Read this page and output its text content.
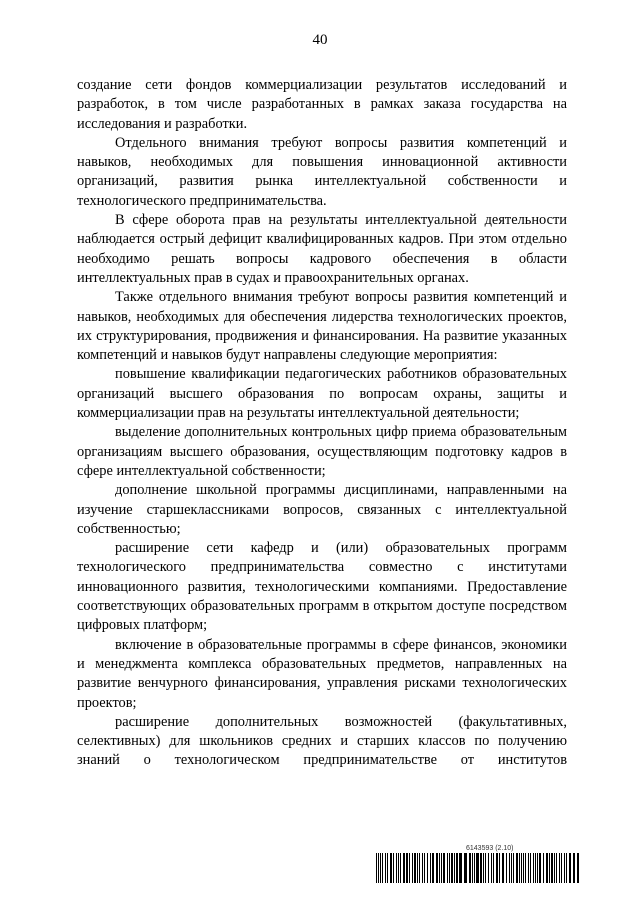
40

создание сети фондов коммерциализации результатов исследований и разработок, в том числе разработанных в рамках заказа государства на исследования и разработки.

Отдельного внимания требуют вопросы развития компетенций и навыков, необходимых для повышения инновационной активности организаций, развития рынка интеллектуальной собственности и технологического предпринимательства.

В сфере оборота прав на результаты интеллектуальной деятельности наблюдается острый дефицит квалифицированных кадров. При этом отдельно необходимо решать вопросы кадрового обеспечения в области интеллектуальных прав в судах и правоохранительных органах.

Также отдельного внимания требуют вопросы развития компетенций и навыков, необходимых для обеспечения лидерства технологических проектов, их структурирования, продвижения и финансирования. На развитие указанных компетенций и навыков будут направлены следующие мероприятия:

повышение квалификации педагогических работников образовательных организаций высшего образования по вопросам охраны, защиты и коммерциализации прав на результаты интеллектуальной деятельности;

выделение дополнительных контрольных цифр приема образовательным организациям высшего образования, осуществляющим подготовку кадров в сфере интеллектуальной собственности;

дополнение школьной программы дисциплинами, направленными на изучение старшеклассниками вопросов, связанных с интеллектуальной собственностью;

расширение сети кафедр и (или) образовательных программ технологического предпринимательства совместно с институтами инновационного развития, технологическими компаниями. Предоставление соответствующих образовательных программ в открытом доступе посредством цифровых платформ;

включение в образовательные программы в сфере финансов, экономики и менеджмента комплекса образовательных предметов, направленных на развитие венчурного финансирования, управления рисками технологических проектов;

расширение дополнительных возможностей (факультативных, селективных) для школьников средних и старших классов по получению знаний о технологическом предпринимательстве от институтов

6143593 (2.10)
